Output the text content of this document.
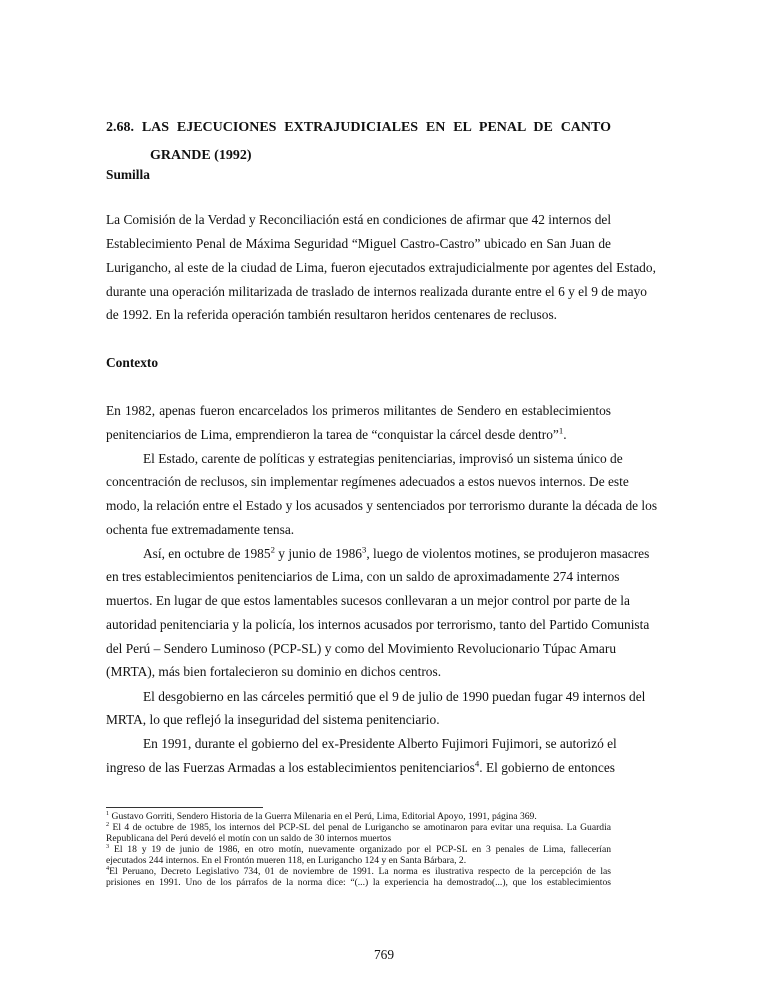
2.68. LAS EJECUCIONES EXTRAJUDICIALES EN EL PENAL DE CANTO
GRANDE (1992)
Sumilla
Contexto
La Comisión de la Verdad y Reconciliación está en condiciones de afirmar que 42 internos del
Establecimiento Penal de Máxima Seguridad “Miguel Castro-Castro” ubicado en San Juan de
Lurigancho, al este de la ciudad de Lima, fueron ejecutados extrajudicialmente por agentes del Estado,
durante una operación militarizada de traslado de internos realizada durante entre el 6 y el 9 de mayo
de 1992. En la referida operación también resultaron heridos centenares de reclusos.
En 1982, apenas fueron encarcelados los primeros militantes de Sendero en establecimientos
penitenciarios de Lima, emprendieron la tarea de “conquistar la cárcel desde dentro”$^1$.
El Estado, carente de políticas y estrategias penitenciarias, improvisó un sistema único de
concentración de reclusos, sin implementar regímenes adecuados a estos nuevos internos. De este
modo, la relación entre el Estado y los acusados y sentenciados por terrorismo durante la década de los
ochenta fue extremadamente tensa.
Así, en octubre de 1985$^2$ y junio de 1986$^3$, luego de violentos motines, se produjeron masacres
en tres establecimientos penitenciarios de Lima, con un saldo de aproximadamente 274 internos
muertos. En lugar de que estos lamentables sucesos conllevaran a un mejor control por parte de la
autoridad penitenciaria y la policía, los internos acusados por terrorismo, tanto del Partido Comunista
del Perú – Sendero Luminoso (PCP-SL) y como del Movimiento Revolucionario Túpac Amaru
(MRTA), más bien fortalecieron su dominio en dichos centros.
El desgobierno en las cárceles permitió que el 9 de julio de 1990 puedan fugar 49 internos del
MRTA, lo que reflejó la inseguridad del sistema penitenciario.
En 1991, durante el gobierno del ex-Presidente Alberto Fujimori Fujimori, se autorizó el
ingreso de las Fuerzas Armadas a los establecimientos penitenciarios$^4$. El gobierno de entonces
$^1$ Gustavo Gorriti, Sendero Historia de la Guerra Milenaria en el Perú, Lima, Editorial Apoyo, 1991, página 369.
$^2$ El 4 de octubre de 1985, los internos del PCP-SL del penal de Lurigancho se amotinaron para evitar una requisa. La Guardia
Republicana del Perú develó el motín con un saldo de 30 internos muertos
$^3$ El 18 y 19 de junio de 1986, en otro motín, nuevamente organizado por el PCP-SL en 3 penales de Lima, fallecerían
ejecutados 244 internos. En el Frontón mueren 118, en Lurigancho 124 y en Santa Bárbara, 2.
$^4$El Peruano, Decreto Legislativo 734, 01 de noviembre de 1991. La norma es ilustrativa respecto de la percepción de las
prisiones en 1991. Uno de los párrafos de la norma dice: “(...) la experiencia ha demostrado(...), que los establecimientos
769
